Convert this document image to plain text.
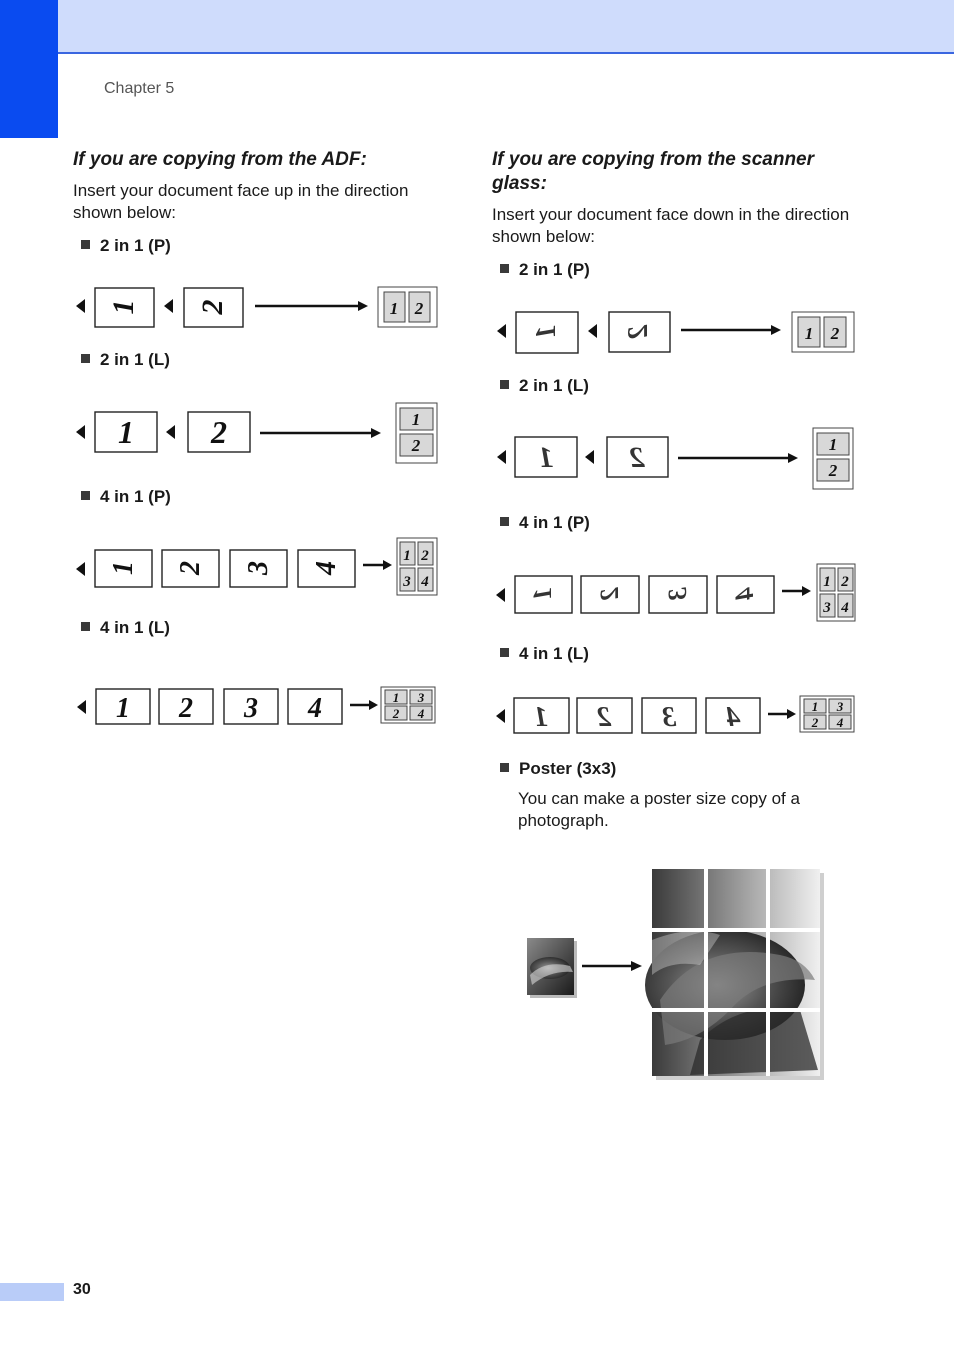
Chapter 5

If you are copying from the ADF:

Insert your document face up in the direction shown below:

If you are copying from the scanner glass:

Insert your document face down in the direction shown below:
2 in 1 (P)
2 in 1 (L)
4 in 1 (P)
4 in 1 (L)
2 in 1 (P)
2 in 1 (L)
4 in 1 (P)
4 in 1 (L)
Poster (3x3)
You can make a poster size copy of a photograph.
1 2	1 2
1 2	1
2
1 2 3 4
1 2
3 4
1 2 3 4	1 3
2 4
1 2	1 2
1	2	1
2
1 2 3 4
1 2
3 4
1 2 3 4	1 3
2 4
30
